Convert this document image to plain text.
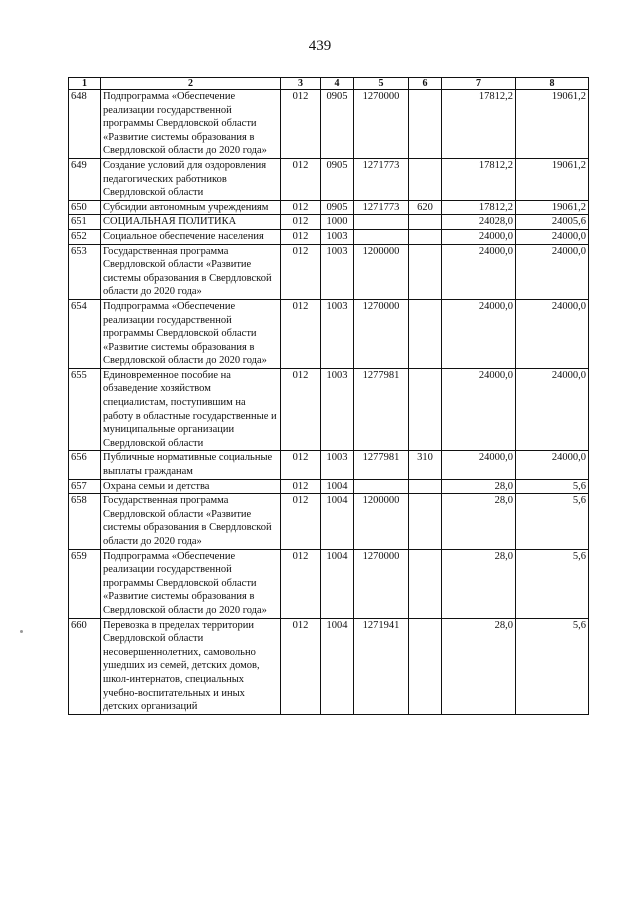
439
1	2	3	4	5	6	7	8
648	Подпрограмма «Обеспечение реализации государственной программы Свердловской области «Развитие системы образования в Свердловской области до 2020 года»	012	0905	1270000		17812,2	19061,2
649	Создание условий для оздоровления педагогических работников Свердловской области	012	0905	1271773		17812,2	19061,2
650	Субсидии автономным учреждениям	012	0905	1271773	620	17812,2	19061,2
651	СОЦИАЛЬНАЯ ПОЛИТИКА	012	1000			24028,0	24005,6
652	Социальное обеспечение населения	012	1003			24000,0	24000,0
653	Государственная программа Свердловской области «Развитие системы образования в Свердловской области до 2020 года»	012	1003	1200000		24000,0	24000,0
654	Подпрограмма «Обеспечение реализации государственной программы Свердловской области «Развитие системы образования в Свердловской области до 2020 года»	012	1003	1270000		24000,0	24000,0
655	Единовременное пособие на обзаведение хозяйством специалистам, поступившим на работу в областные государственные и муниципальные организации Свердловской области	012	1003	1277981		24000,0	24000,0
656	Публичные нормативные социальные выплаты гражданам	012	1003	1277981	310	24000,0	24000,0
657	Охрана семьи и детства	012	1004			28,0	5,6
658	Государственная программа Свердловской области «Развитие системы образования в Свердловской области до 2020 года»	012	1004	1200000		28,0	5,6
659	Подпрограмма «Обеспечение реализации государственной программы Свердловской области «Развитие системы образования в Свердловской области до 2020 года»	012	1004	1270000		28,0	5,6
660	Перевозка в пределах территории Свердловской области несовершеннолетних, самовольно ушедших из семей, детских домов, школ-интернатов, специальных учебно-воспитательных и иных детских организаций	012	1004	1271941		28,0	5,6
